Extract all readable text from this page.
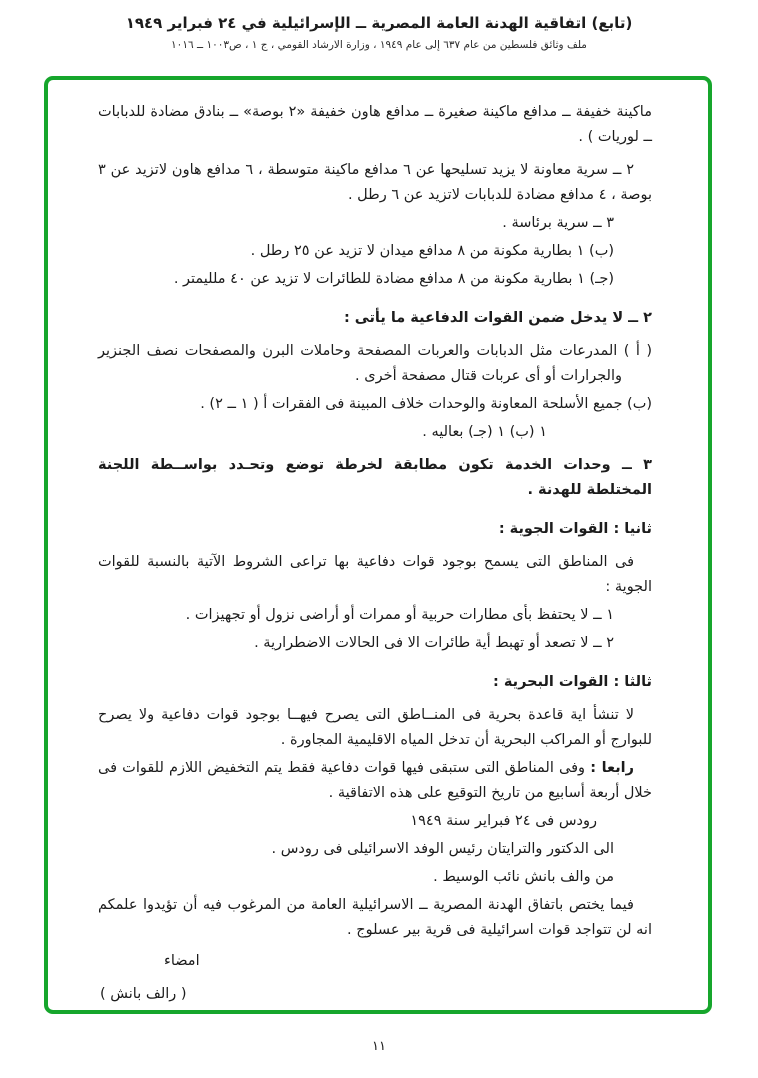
(تابع) اتفاقية الهدنة العامة المصرية ــ الإسرائيلية في ٢٤ فبراير ١٩٤٩
ملف وثائق فلسطين من عام ٦٣٧ إلى عام ١٩٤٩ ، وزارة الارشاد القومي ، ج ١ ، ص١٠٠٣ ــ ١٠١٦

ماكينة خفيفة ــ مدافع ماكينة صغيرة ــ مدافع هاون خفيفة «٢ بوصة» ــ بنادق مضادة للدبابات ــ لوريات ) .

٢ ــ سرية معاونة لا يزيد تسليحها عن ٦ مدافع ماكينة متوسطة ، ٦ مدافع هاون لاتزيد عن ٣ بوصة ، ٤ مدافع مضادة للدبابات لاتزيد عن ٦ رطل .

٣ ــ سرية برئاسة .

(ب) ١ بطارية مكونة من ٨ مدافع ميدان لا تزيد عن ٢٥ رطل .

(جـ) ١ بطارية مكونة من ٨ مدافع مضادة للطائرات لا تزيد عن ٤٠ ملليمتر .

٢ ــ لا يدخل ضمن القوات الدفاعية ما يأتى :

( أ ) المدرعات مثل الدبابات والعربات المصفحة وحاملات البرن والمصفحات نصف الجنزير والجرارات أو أى عربات قتال مصفحة أخرى .

(ب) جميع الأسلحة المعاونة والوحدات خلاف المبينة فى الفقرات أ ( ١ ــ ٢) .

١ (ب) ١ (جـ) بعاليه .

٣ ــ وحدات الخدمة تكون مطابقة لخرطة توضع وتحـدد بواســطة اللجنة المختلطة للهدنة .

ثانيا : القوات الجوية :

فى المناطق التى يسمح بوجود قوات دفاعية بها تراعى الشروط الآتية بالنسبة للقوات الجوية :

١ ــ لا يحتفظ بأى مطارات حربية أو ممرات أو أراضى نزول أو تجهيزات .

٢ ــ لا تصعد أو تهبط أية طائرات الا فى الحالات الاضطرارية .

ثالثا : القوات البحرية :

لا تنشأ اية قاعدة بحرية فى المنــاطق التى يصرح فيهــا بوجود قوات دفاعية ولا يصرح للبوارج أو المراكب البحرية أن تدخل المياه الاقليمية المجاورة .

رابعا : وفى المناطق التى ستبقى فيها قوات دفاعية فقط يتم التخفيض اللازم للقوات فى خلال أربعة أسابيع من تاريخ التوقيع على هذه الاتفاقية .

رودس فى ٢٤ فبراير سنة ١٩٤٩

الى الدكتور والترايتان رئيس الوفد الاسرائيلى فى رودس .

من والف بانش نائب الوسيط .

فيما يختص باتفاق الهدنة المصرية ــ الاسرائيلية العامة من المرغوب فيه أن تؤيدوا علمكم انه لن تتواجد قوات اسرائيلية فى قرية بير عسلوج .

امضاء

( رالف بانش )

١١
